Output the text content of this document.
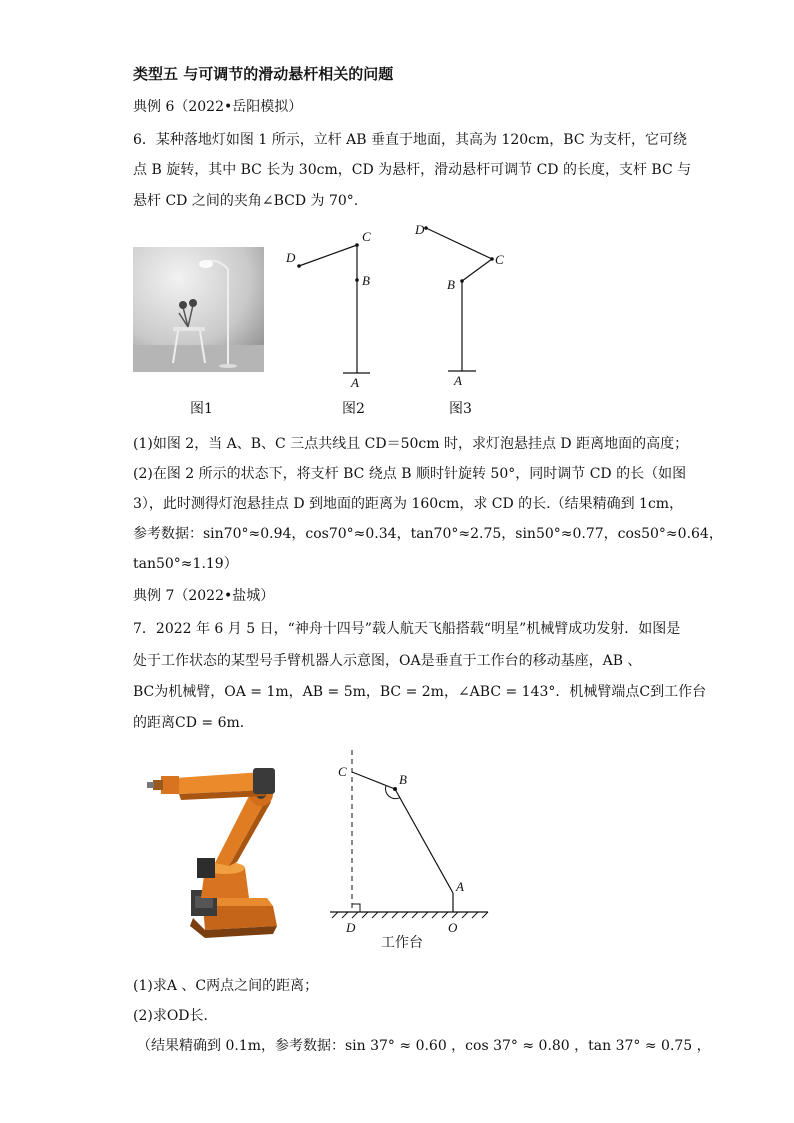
类型五 与可调节的滑动悬杆相关的问题
典例 6（2022•岳阳模拟）
6．某种落地灯如图 1 所示，立杆 AB 垂直于地面，其高为 120cm，BC 为支杆，它可绕
点 B 旋转，其中 BC 长为 30cm，CD 为悬杆，滑动悬杆可调节 CD 的长度，支杆 BC 与
悬杆 CD 之间的夹角∠BCD 为 70°.
D
C
B
A
D
C
B
A
图1	图2	图3
(1)如图 2，当 A、B、C 三点共线且 CD＝50cm 时，求灯泡悬挂点 D 距离地面的高度；
(2)在图 2 所示的状态下，将支杆 BC 绕点 B 顺时针旋转 50°，同时调节 CD 的长（如图
3），此时测得灯泡悬挂点 D 到地面的距离为 160cm，求 CD 的长.（结果精确到 1cm，
参考数据：sin70°≈0.94，cos70°≈0.34，tan70°≈2.75，sin50°≈0.77，cos50°≈0.64，
tan50°≈1.19）
典例 7（2022•盐城）
7．2022 年 6 月 5 日，“神舟十四号”载人航天飞船搭载“明星”机械臂成功发射．如图是
处于工作状态的某型号手臂机器人示意图，OA是垂直于工作台的移动基座，AB 、
BC为机械臂，OA = 1m，AB = 5m，BC = 2m，∠ABC = 143°．机械臂端点C到工作台
的距离CD = 6m．
C
B
A
D	O
工作台
(1)求A 、C两点之间的距离；
(2)求OD长．
（结果精确到 0.1m，参考数据：sin 37° ≈ 0.60 ，cos 37° ≈ 0.80 ，tan 37° ≈ 0.75 ，
